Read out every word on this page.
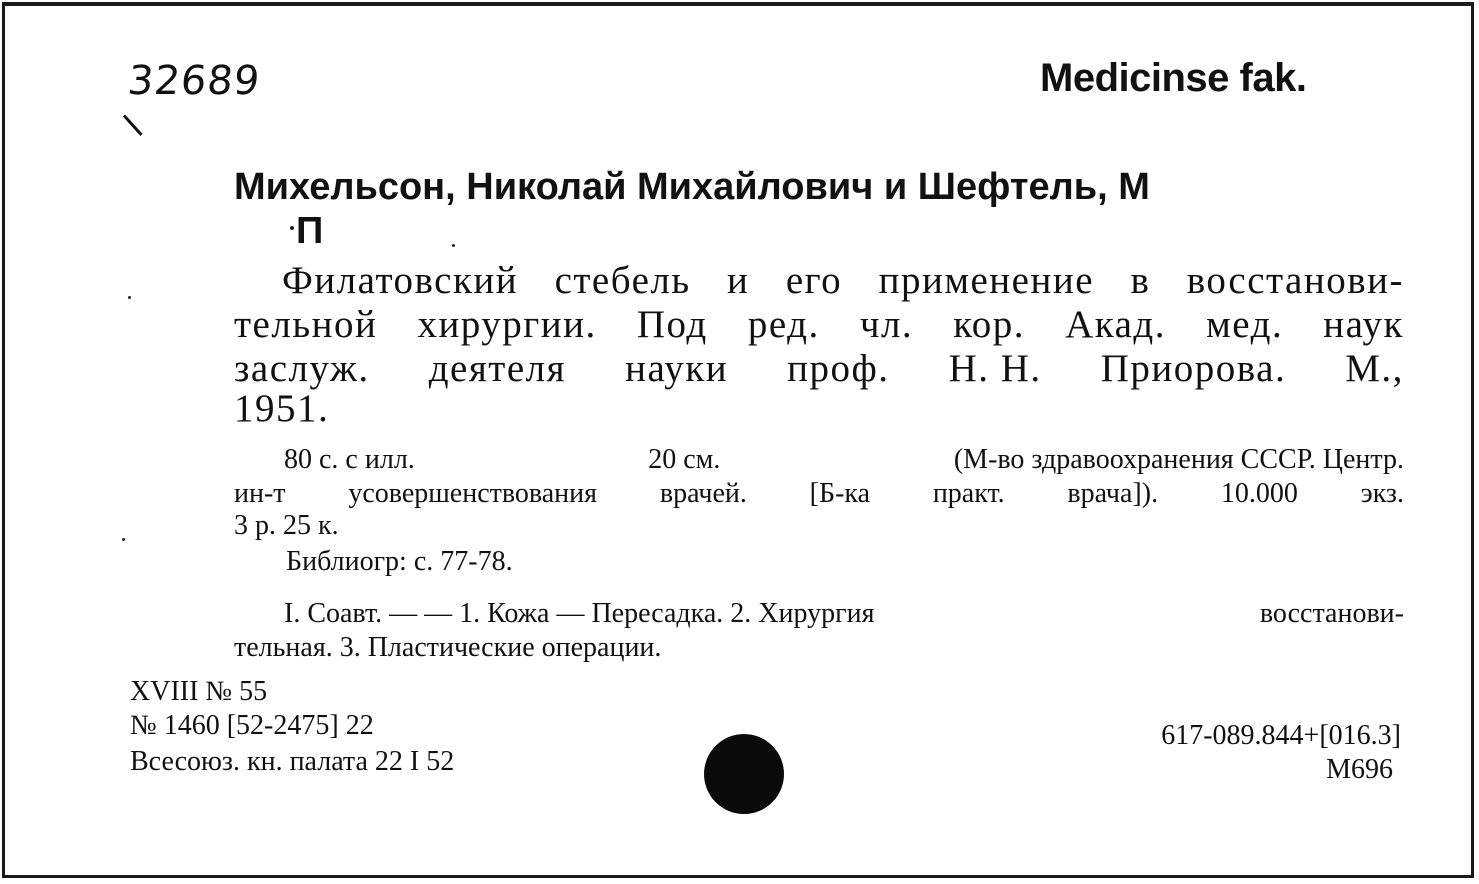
32689	Medicinse fak.
Михельсон, Николай Михайлович и Шефтель, М
П
Филатовский стебель и его применение в восстанови-
тельной хирургии. Под ред. чл. кор. Акад. мед. наук
заслуж. деятеля науки проф. Н. Н. Приорова. М.,
1951.
80 с. с илл.	20 см.	(М-во здравоохранения СССР. Центр.
ин-т усовершенствования врачей. [Б-ка практ. врача]). 10.000 экз.
3 р. 25 к.
Библиогр: с. 77-78.
I. Соавт. — — 1. Кожа — Пересадка. 2. Хирургия	восстанови-
тельная. 3. Пластические операции.
XVIII № 55
№ 1460 [52-2475] 22
Всесоюз. кн. палата 22 I 52
617-089.844+[016.3]
M696
